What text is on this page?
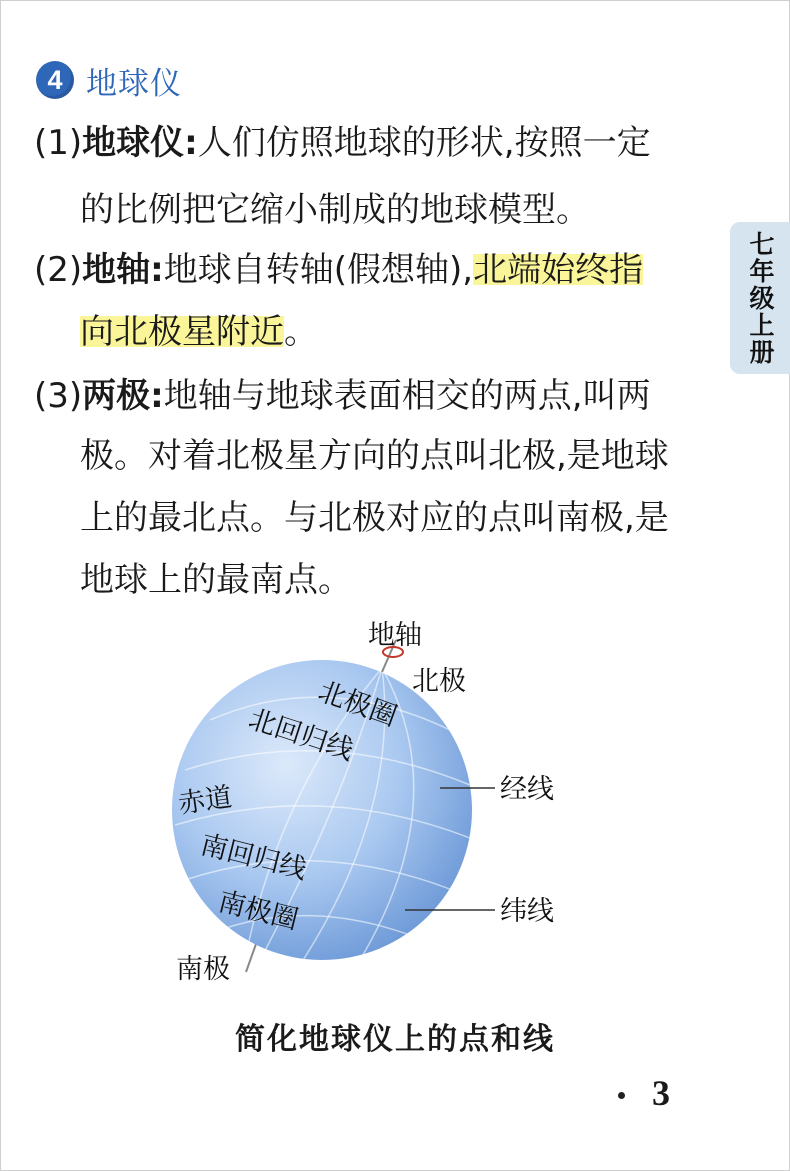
4 地球仪
七年级上册
(1)地球仪:人们仿照地球的形状,按照一定
的比例把它缩小制成的地球模型。
(2)地轴:地球自转轴(假想轴),北端始终指
向北极星附近。
(3)两极:地轴与地球表面相交的两点,叫两
极。对着北极星方向的点叫北极,是地球
上的最北点。与北极对应的点叫南极,是
地球上的最南点。
地轴
北极
北极圈
北回归线
赤道
南回归线
南极圈
南极
经线
纬线
简化地球仪上的点和线
3
